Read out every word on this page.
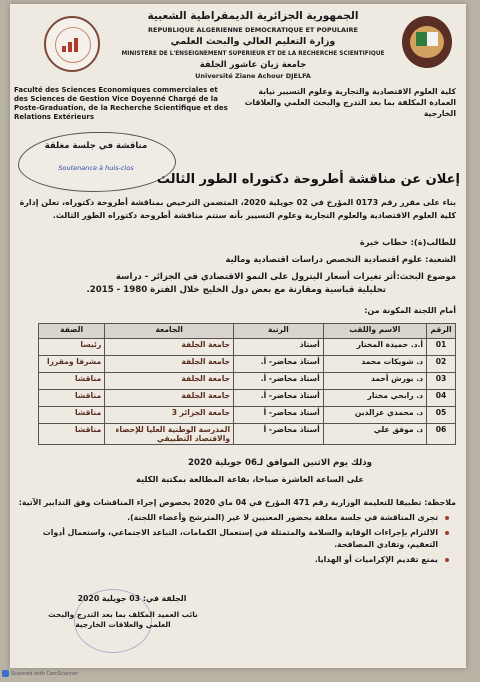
الجمهورية الجزائرية الديمقراطية الشعبية
REPUBLIQUE ALGERIENNE DEMOCRATIQUE ET POPULAIRE
وزارة التعليم العالي والبحث العلمي
MINISTERE DE L'ENSEIGNEMENT SUPERIEUR ET DE LA RECHERCHE SCIENTIFIQUE
جامعة زيان عاشور الجلفة
Université Ziane Achour DJELFA
Faculté des Sciences Economiques commerciales et des Sciences de Gestion Vice Doyenné Chargé de la Poste-Graduation, de la Recherche Scientifique et des Relations Extérieurs
كلية العلوم الاقتصادية والتجارية وعلوم التسيير نيابة العمادة المكلفة بما بعد التدرج والبحث العلمي والعلاقات الخارجية
مناقشة في جلسة مغلقة
Soutenance à huis-clos
إعلان عن مناقشة أطروحة دكتوراه الطور الثالث
بناء على مقرر رقم 0173 المؤرخ في 02 جويلية 2020، المتضمن الترخيص بمناقشة أطروحة دكتوراه، تعلن إدارة كلية العلوم الاقتصادية والعلوم التجارية وعلوم التسيير بأنه ستتم مناقشة أطروحة دكتوراه الطور الثالث.
للطالب(ة): حطاب خيرة
الشعبة: علوم اقتصادية التخصص دراسات اقتصادية ومالية
موضوع البحث:
أثر تغيرات أسعار البترول على النمو الاقتصادي في الجزائر - دراسة
تحليلية قياسية ومقارنة مع بعض دول الخليج خلال الفترة 1980 - 2015.
أمام اللجنة المكونة من:
الرقم	الاسم واللقب	الرتبة	الجامعة	الصفة
01	أ.د. حميدة المختار	أستاذ	جامعة الجلفة	رئيسا
02	د. شويكات محمد	أستاذ محاضر- أ.	جامعة الجلفة	مشرفا ومقررا
03	د. بورش أحمد	أستاذ محاضر- أ.	جامعة الجلفة	مناقشا
04	د. رابحي مختار	أستاذ محاضر- أ.	جامعة الجلفة	مناقشا
05	د. محمدي عزالدين	أستاذ محاضر- أ	جامعة الجزائر 3	مناقشا
06	د. موفق علي	أستاذ محاضر- أ	المدرسة الوطنية العليا للإحصاء والاقتصاد التطبيقي	مناقشا
وذلك يوم الاثنين الموافق لـ06 جويلية 2020
على الساعة العاشرة صباحا، بقاعة المطالعة بمكتبة الكلية
ملاحظة: تطبيقا للتعليمة الوزارية رقم 471 المؤرخ في 04 ماي 2020 بخصوص إجراء المناقشات وفق التدابير الآتية:
تجرى المناقشة في جلسة مغلقة بحضور المعنيين لا غير (المترشح وأعضاء اللجنة).
الالتزام بإجراءات الوقاية والسلامة والمتمثلة في إستعمال الكمامات، التباعد الاجتماعي، واستعمال أدوات التعقيم، وتفادي المصافحة.
يمنع تقديم الإكراميات أو الهدايا.
الجلفة في: 03 جويلية 2020
نائب العميد المكلف بما بعد التدرج والبحث العلمي والعلاقات الخارجية
Scanned with CamScanner
